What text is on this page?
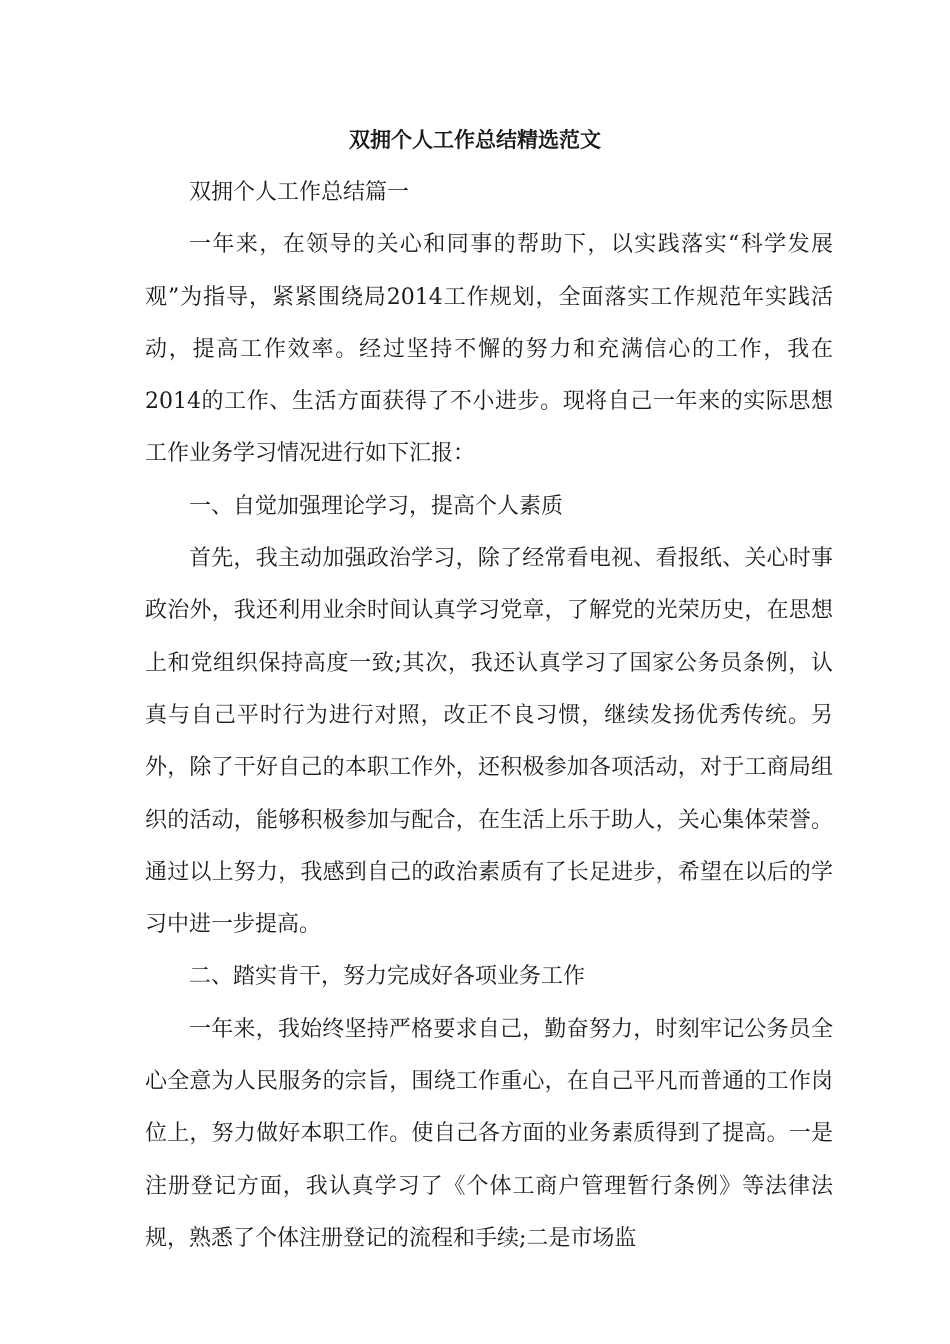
双拥个人工作总结精选范文

双拥个人工作总结篇一

一年来，在领导的关心和同事的帮助下，以实践落实“科学发展观”为指导，紧紧围绕局2014工作规划，全面落实工作规范年实践活动，提高工作效率。经过坚持不懈的努力和充满信心的工作，我在2014的工作、生活方面获得了不小进步。现将自己一年来的实际思想工作业务学习情况进行如下汇报：

一、自觉加强理论学习，提高个人素质

首先，我主动加强政治学习，除了经常看电视、看报纸、关心时事政治外，我还利用业余时间认真学习党章，了解党的光荣历史，在思想上和党组织保持高度一致;其次，我还认真学习了国家公务员条例，认真与自己平时行为进行对照，改正不良习惯，继续发扬优秀传统。另外，除了干好自己的本职工作外，还积极参加各项活动，对于工商局组织的活动，能够积极参加与配合，在生活上乐于助人，关心集体荣誉。通过以上努力，我感到自己的政治素质有了长足进步，希望在以后的学习中进一步提高。

二、踏实肯干，努力完成好各项业务工作

一年来，我始终坚持严格要求自己，勤奋努力，时刻牢记公务员全心全意为人民服务的宗旨，围绕工作重心，在自己平凡而普通的工作岗位上，努力做好本职工作。使自己各方面的业务素质得到了提高。一是注册登记方面，我认真学习了《个体工商户管理暂行条例》等法律法规，熟悉了个体注册登记的流程和手续;二是市场监
